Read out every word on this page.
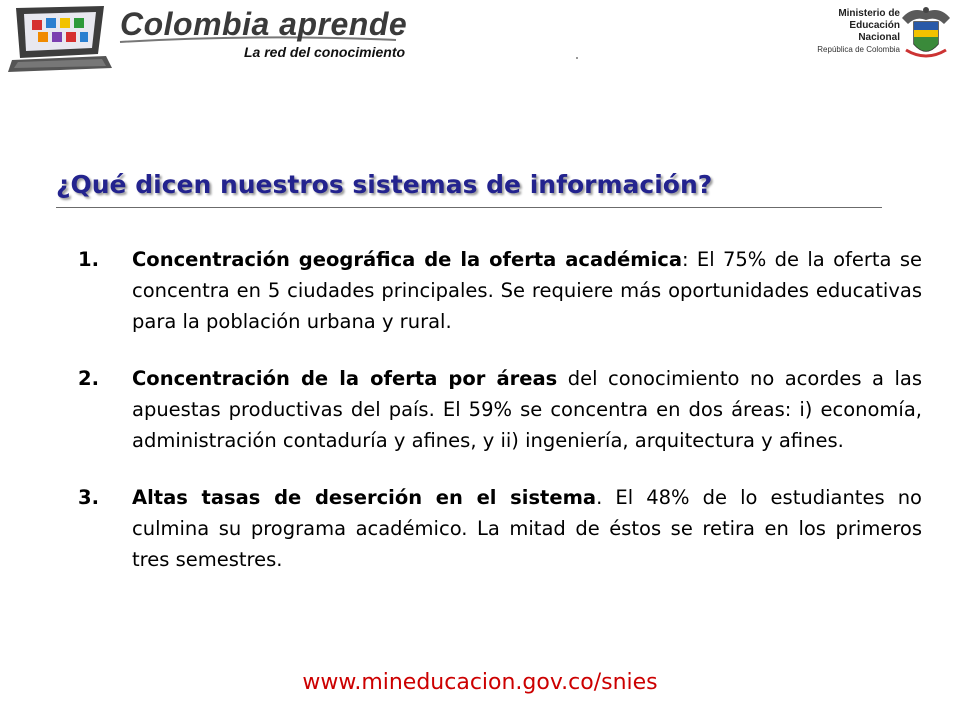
Colombia aprende
La red del conocimiento
Ministerio de
Educación
Nacional
República de Colombia
¿Qué dicen nuestros sistemas de información?
1.	Concentración geográfica de la oferta académica: El 75% de la oferta se concentra en 5 ciudades principales. Se requiere más oportunidades educativas para la población urbana y rural.
2.	Concentración de la oferta por áreas del conocimiento no acordes a las apuestas productivas del país. El 59% se concentra en dos áreas: i) economía, administración contaduría y afines, y ii) ingeniería, arquitectura y afines.
3.	Altas tasas de deserción en el sistema. El 48% de lo estudiantes no culmina su programa académico. La mitad de éstos se retira en los primeros tres semestres.
www.mineducacion.gov.co/snies
